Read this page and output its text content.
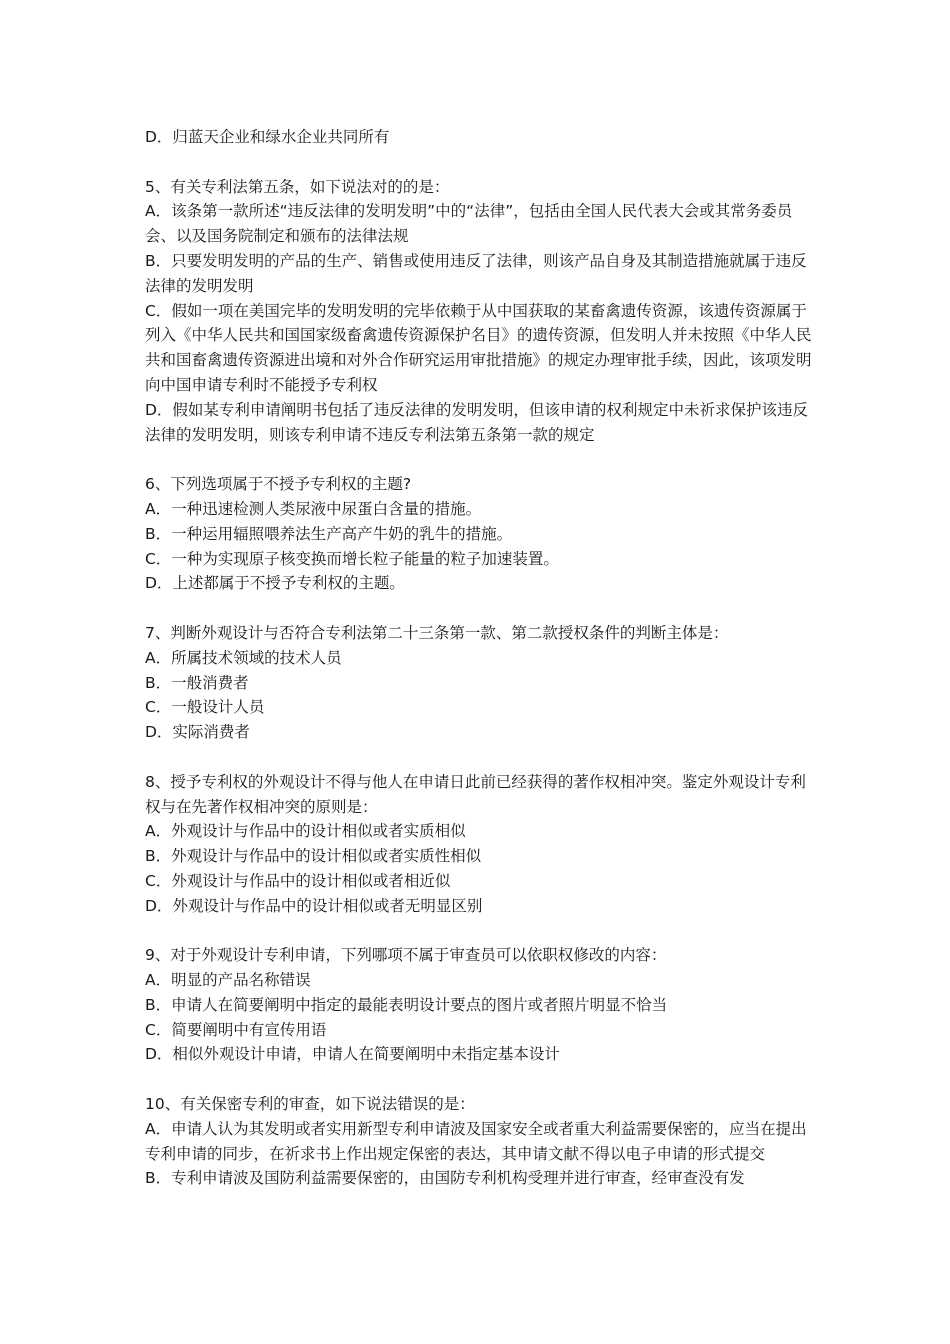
D．归蓝天企业和绿水企业共同所有
5、有关专利法第五条，如下说法对的的是：
A．该条第一款所述“违反法律的发明发明”中的“法律”，包括由全国人民代表大会或其常务委员会、以及国务院制定和颁布的法律法规
B．只要发明发明的产品的生产、销售或使用违反了法律，则该产品自身及其制造措施就属于违反法律的发明发明
C．假如一项在美国完毕的发明发明的完毕依赖于从中国获取的某畜禽遗传资源，该遗传资源属于列入《中华人民共和国国家级畜禽遗传资源保护名目》的遗传资源，但发明人并未按照《中华人民共和国畜禽遗传资源进出境和对外合作研究运用审批措施》的规定办理审批手续，因此，该项发明向中国申请专利时不能授予专利权
D．假如某专利申请阐明书包括了违反法律的发明发明，但该申请的权利规定中未祈求保护该违反法律的发明发明，则该专利申请不违反专利法第五条第一款的规定
6、下列选项属于不授予专利权的主题?
A．一种迅速检测人类尿液中尿蛋白含量的措施。
B．一种运用辐照喂养法生产高产牛奶的乳牛的措施。
C．一种为实现原子核变换而增长粒子能量的粒子加速装置。
D．上述都属于不授予专利权的主题。
7、判断外观设计与否符合专利法第二十三条第一款、第二款授权条件的判断主体是：
A．所属技术领域的技术人员
B．一般消费者
C．一般设计人员
D．实际消费者
8、授予专利权的外观设计不得与他人在申请日此前已经获得的著作权相冲突。鉴定外观设计专利权与在先著作权相冲突的原则是：
A．外观设计与作品中的设计相似或者实质相似
B．外观设计与作品中的设计相似或者实质性相似
C．外观设计与作品中的设计相似或者相近似
D．外观设计与作品中的设计相似或者无明显区别
9、对于外观设计专利申请，下列哪项不属于审查员可以依职权修改的内容：
A．明显的产品名称错误
B．申请人在简要阐明中指定的最能表明设计要点的图片或者照片明显不恰当
C．简要阐明中有宣传用语
D．相似外观设计申请，申请人在简要阐明中未指定基本设计
10、有关保密专利的审查，如下说法错误的是：
A．申请人认为其发明或者实用新型专利申请波及国家安全或者重大利益需要保密的，应当在提出专利申请的同步，在祈求书上作出规定保密的表达，其申请文献不得以电子申请的形式提交
B．专利申请波及国防利益需要保密的，由国防专利机构受理并进行审查，经审查没有发
